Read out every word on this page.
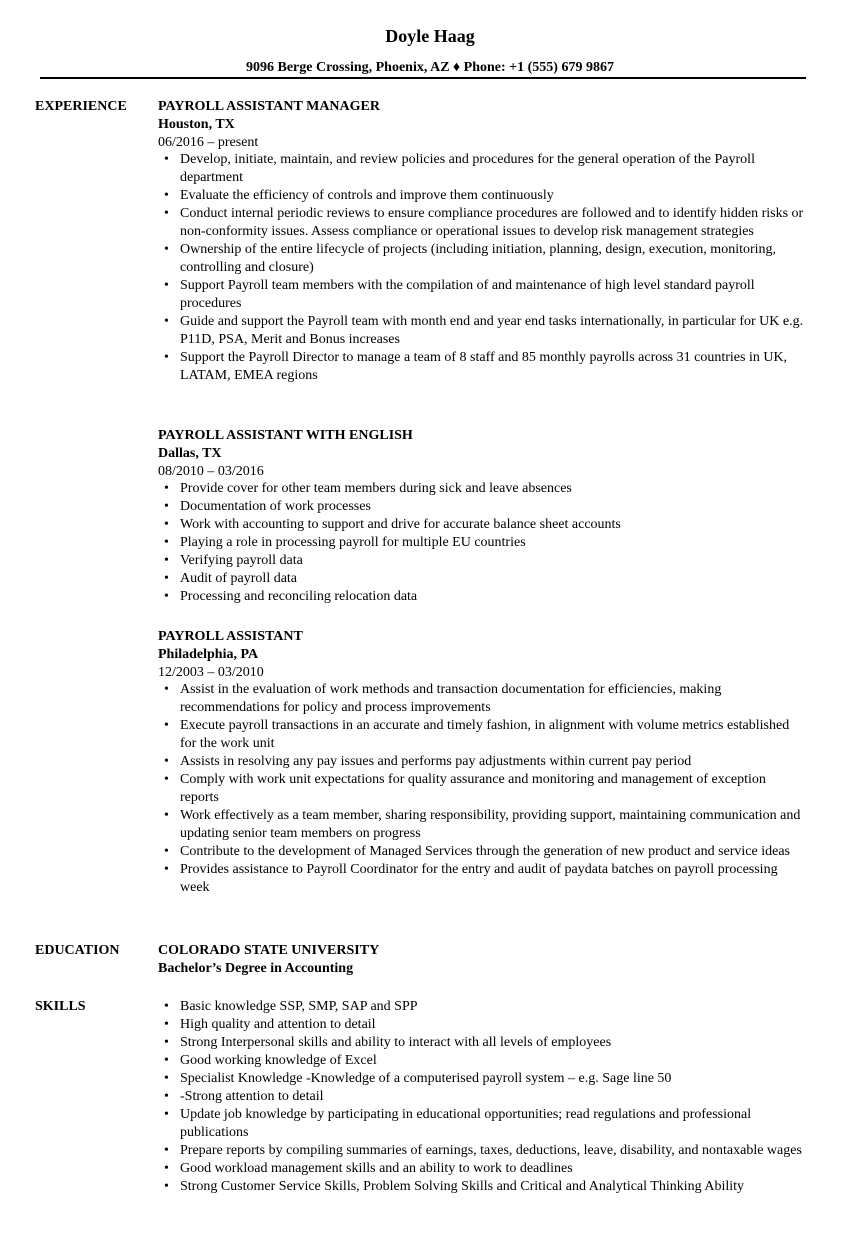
Doyle Haag
9096 Berge Crossing, Phoenix, AZ ♦ Phone: +1 (555) 679 9867
EXPERIENCE PAYROLL ASSISTANT MANAGER
Houston, TX
06/2016 – present
• Develop, initiate, maintain, and review policies and procedures for the general operation of the Payroll department
• Evaluate the efficiency of controls and improve them continuously
• Conduct internal periodic reviews to ensure compliance procedures are followed and to identify hidden risks or non-conformity issues. Assess compliance or operational issues to develop risk management strategies
• Ownership of the entire lifecycle of projects (including initiation, planning, design, execution, monitoring, controlling and closure)
• Support Payroll team members with the compilation of and maintenance of high level standard payroll procedures
• Guide and support the Payroll team with month end and year end tasks internationally, in particular for UK e.g. P11D, PSA, Merit and Bonus increases
• Support the Payroll Director to manage a team of 8 staff and 85 monthly payrolls across 31 countries in UK, LATAM, EMEA regions
PAYROLL ASSISTANT WITH ENGLISH
Dallas, TX
08/2010 – 03/2016
• Provide cover for other team members during sick and leave absences
• Documentation of work processes
• Work with accounting to support and drive for accurate balance sheet accounts
• Playing a role in processing payroll for multiple EU countries
• Verifying payroll data
• Audit of payroll data
• Processing and reconciling relocation data
PAYROLL ASSISTANT
Philadelphia, PA
12/2003 – 03/2010
• Assist in the evaluation of work methods and transaction documentation for efficiencies, making recommendations for policy and process improvements
• Execute payroll transactions in an accurate and timely fashion, in alignment with volume metrics established for the work unit
• Assists in resolving any pay issues and performs pay adjustments within current pay period
• Comply with work unit expectations for quality assurance and monitoring and management of exception reports
• Work effectively as a team member, sharing responsibility, providing support, maintaining communication and updating senior team members on progress
• Contribute to the development of Managed Services through the generation of new product and service ideas
• Provides assistance to Payroll Coordinator for the entry and audit of paydata batches on payroll processing week
EDUCATION	COLORADO STATE UNIVERSITY
Bachelor’s Degree in Accounting
SKILLS	• Basic knowledge SSP, SMP, SAP and SPP
• High quality and attention to detail
• Strong Interpersonal skills and ability to interact with all levels of employees
• Good working knowledge of Excel
• Specialist Knowledge -Knowledge of a computerised payroll system – e.g. Sage line 50
• -Strong attention to detail
• Update job knowledge by participating in educational opportunities; read regulations and professional publications
• Prepare reports by compiling summaries of earnings, taxes, deductions, leave, disability, and nontaxable wages
• Good workload management skills and an ability to work to deadlines
• Strong Customer Service Skills, Problem Solving Skills and Critical and Analytical Thinking Ability
